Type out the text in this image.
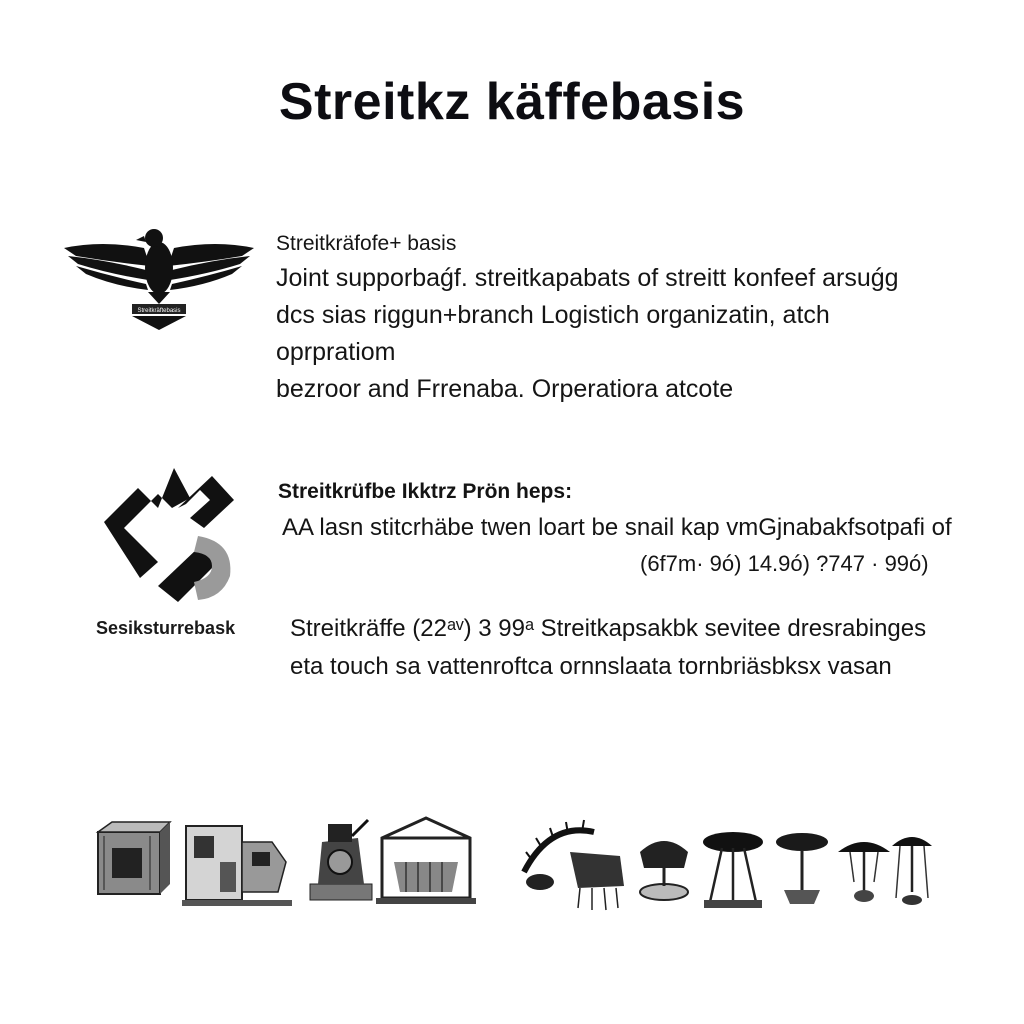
Streitkz käffebasis
Streitkräftebasis
Streitkräfofe+ basis
Joint supporbaǵf. streitkapabats of streitt konfeef arsuǵg
dcs sias riggun+branch Logistich organizatin, atch oprpratiom
bezroor and Frrenaba. Orperatiora atcote
Sesiksturrebask
Streitkrüfbe Ikktrz Prön heps:
AA lasn stitcrhäbe twen loart be snail kap vmGjnabakfsotpafi of
(6f7m· 9ó) 14.9ó) ?747 · 99ó)
Streitkräffe (22ᵃᵛ) 3 99ᵃ Streitkapsakbk sevitee dresrabinges
eta touch sa vattenroftca ornnslaata tornbriäsbksx vasan
